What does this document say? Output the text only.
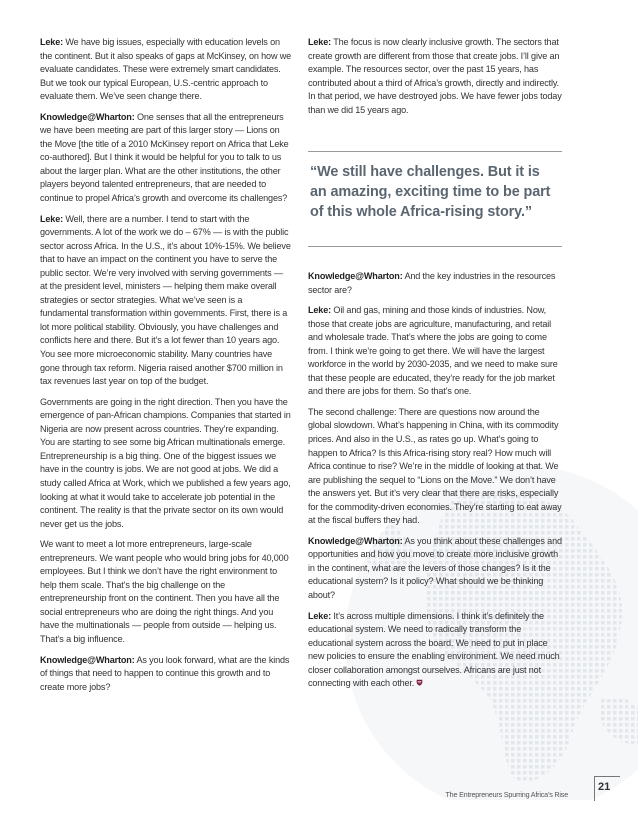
Leke: We have big issues, especially with education levels on the continent. But it also speaks of gaps at McKinsey, on how we evaluate candidates. These were extremely smart candidates. But we took our typical European, U.S.-centric approach to evaluate them. We’ve seen change there.

Knowledge@Wharton: One senses that all the entrepreneurs we have been meeting are part of this larger story — Lions on the Move [the title of a 2010 McKinsey report on Africa that Leke co-authored]. But I think it would be helpful for you to talk to us about the larger plan. What are the other institutions, the other players beyond talented entrepreneurs, that are needed to continue to propel Africa’s growth and overcome its challenges?

Leke: Well, there are a number. I tend to start with the governments. A lot of the work we do – 67% — is with the public sector across Africa. In the U.S., it’s about 10%-15%. We believe that to have an impact on the continent you have to serve the public sector. We’re very involved with serving governments — at the president level, ministers — helping them make overall strategies or sector strategies. What we’ve seen is a fundamental transformation within governments. First, there is a lot more political stability. Obviously, you have challenges and conflicts here and there. But it’s a lot fewer than 10 years ago. You see more microeconomic stability. Many countries have gone through tax reform. Nigeria raised another $700 million in tax revenues last year on top of the budget.

Governments are going in the right direction. Then you have the emergence of pan-African champions. Companies that started in Nigeria are now present across countries. They’re expanding. You are starting to see some big African multinationals emerge. Entrepreneurship is a big thing. One of the biggest issues we have in the country is jobs. We are not good at jobs. We did a study called Africa at Work, which we published a few years ago, looking at what it would take to accelerate job potential in the continent. The reality is that the private sector on its own would never get us the jobs.

We want to meet a lot more entrepreneurs, large-scale entrepreneurs. We want people who would bring jobs for 40,000 employees. But I think we don’t have the right environment to help them scale. That’s the big challenge on the entrepreneurship front on the continent. Then you have all the social entrepreneurs who are doing the right things. And you have the multinationals — people from outside — helping us. That’s a big influence.

Knowledge@Wharton: As you look forward, what are the kinds of things that need to happen to continue this growth and to create more jobs?

Leke: The focus is now clearly inclusive growth. The sectors that create growth are different from those that create jobs. I’ll give an example. The resources sector, over the past 15 years, has contributed about a third of Africa’s growth, directly and indirectly. In that period, we have destroyed jobs. We have fewer jobs today than we did 15 years ago.

“We still have challenges. But it is an amazing, exciting time to be part of this whole Africa-rising story.”

Knowledge@Wharton: And the key industries in the resources sector are?

Leke: Oil and gas, mining and those kinds of industries. Now, those that create jobs are agriculture, manufacturing, and retail and wholesale trade. That’s where the jobs are going to come from. I think we’re going to get there. We will have the largest workforce in the world by 2030-2035, and we need to make sure that these people are educated, they’re ready for the job market and there are jobs for them. So that’s one.

The second challenge: There are questions now around the global slowdown. What’s happening in China, with its commodity prices. And also in the U.S., as rates go up. What’s going to happen to Africa? Is this Africa-rising story real? How much will Africa continue to rise? We’re in the middle of looking at that. We are publishing the sequel to “Lions on the Move.” We don’t have the answers yet. But it’s very clear that there are risks, especially for the commodity-driven economies. They’re starting to eat away at the fiscal buffers they had.

Knowledge@Wharton: As you think about these challenges and opportunities and how you move to create more inclusive growth in the continent, what are the levers of those changes? Is it the educational system? Is it policy? What should we be thinking about?

Leke: It’s across multiple dimensions. I think it’s definitely the educational system. We need to radically transform the educational system across the board. We need to put in place new policies to ensure the enabling environment. We need much closer collaboration amongst ourselves. Africans are just not connecting with each other.

The Entrepreneurs Spurring Africa’s Rise
21
